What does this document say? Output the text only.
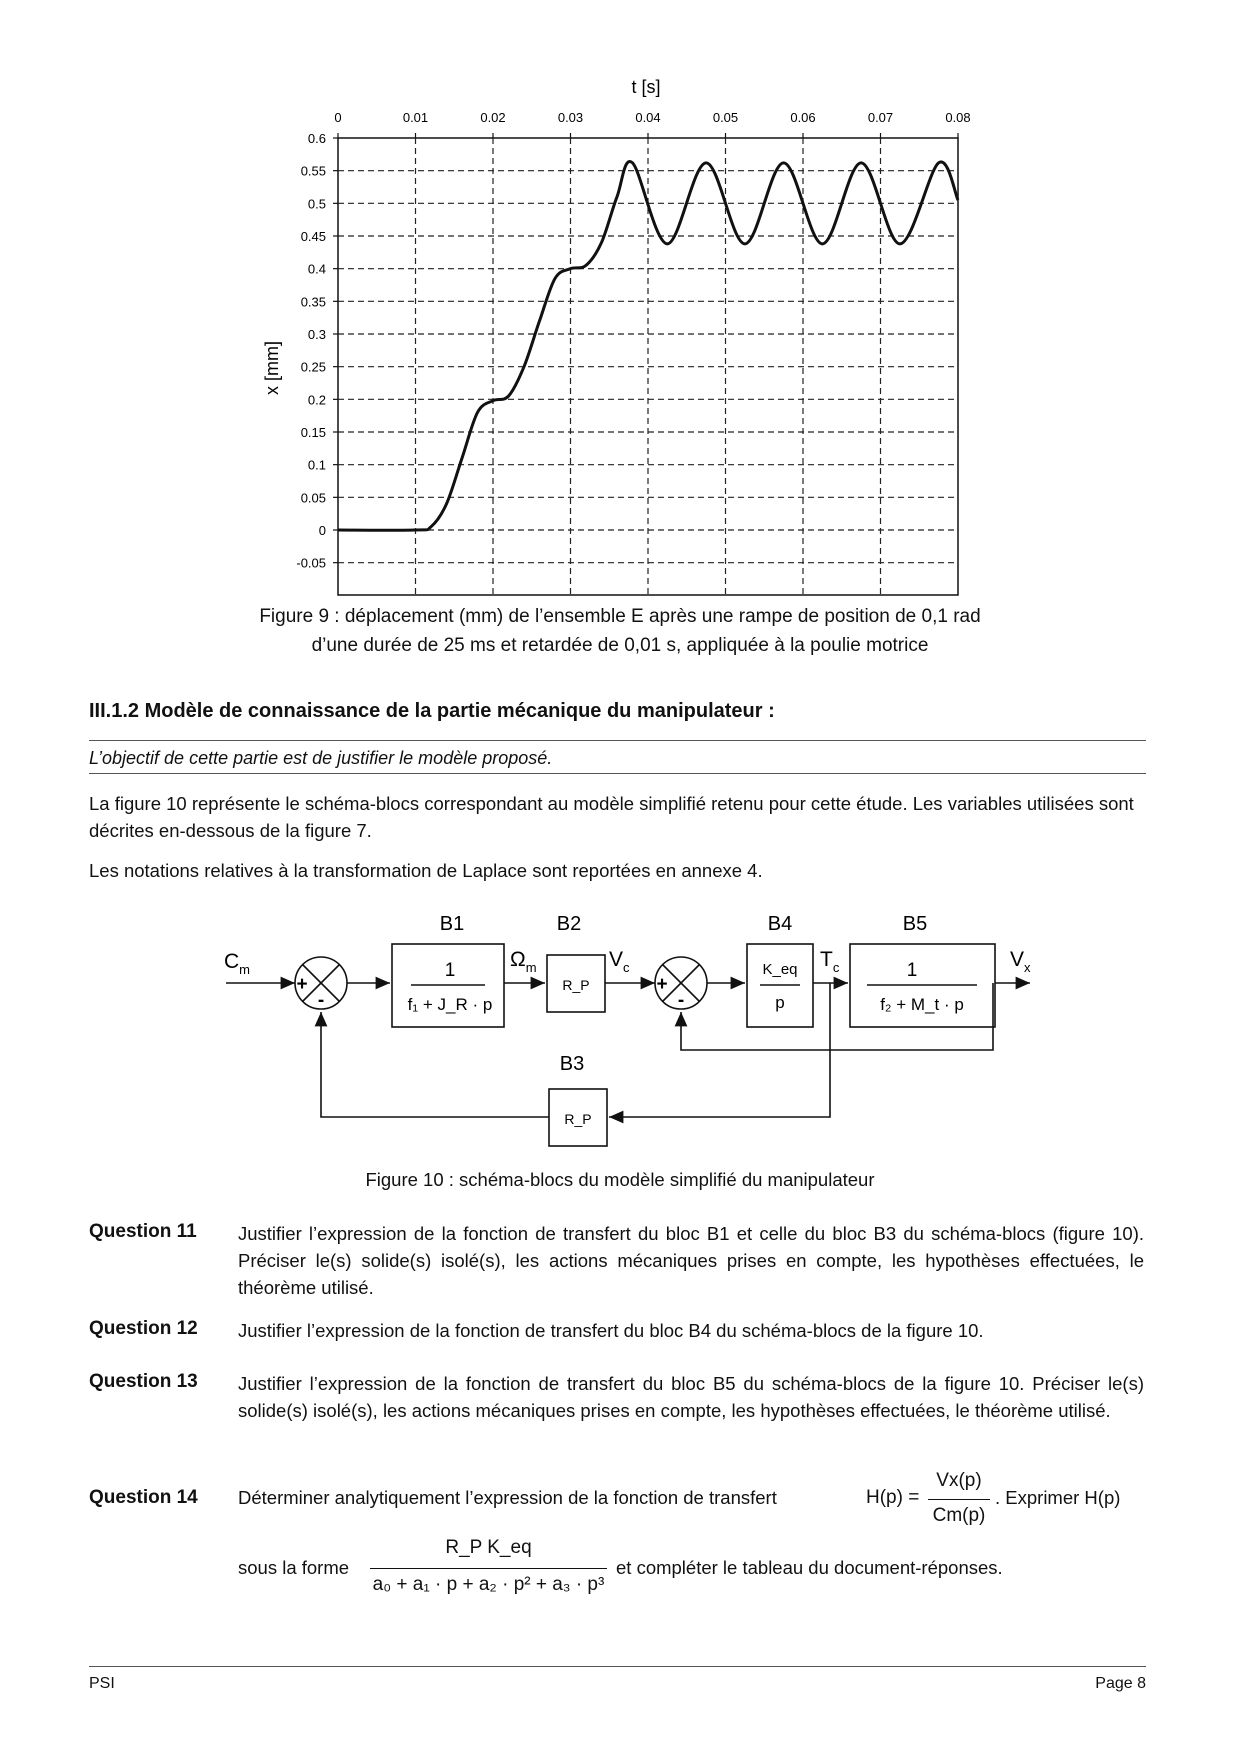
0	0.01	0.02	0.03	0.04	0.05	0.06	0.07	0.08
0.6
0.55
0.5
0.45
0.4
0.35
0.3
0.25
0.2
0.15
0.1
0.05
0
-0.05
t [s]
x [mm]
Figure 9 : déplacement (mm) de l’ensemble E après une rampe de position de 0,1 rad
d’une durée de 25 ms et retardée de 0,01 s, appliquée à la poulie motrice
III.1.2 Modèle de connaissance de la partie mécanique du manipulateur :
L’objectif de cette partie est de justifier le modèle proposé.
La figure 10 représente le schéma-blocs correspondant au modèle simplifié retenu pour cette étude. Les variables utilisées sont décrites en-dessous de la figure 7.
Les notations relatives à la transformation de Laplace sont reportées en annexe 4.
B1	B2	B4	B5
B3
1
f₁ + J_R · p
R_P
R_P
K_eq
p
1
f₂ + M_t · p
+
-
+
-
$C_m$	$\Omega_m$	$V_c$	$T_c$	$V_x$
Figure 10 : schéma-blocs du modèle simplifié du manipulateur
Question 11 Justifier l’expression de la fonction de transfert du bloc B1 et celle du bloc B3 du schéma-blocs (figure 10). Préciser le(s) solide(s) isolé(s), les actions mécaniques prises en compte, les hypothèses effectuées, le théorème utilisé.
Question 12 Justifier l’expression de la fonction de transfert du bloc B4 du schéma-blocs de la figure 10.
Question 13 Justifier l’expression de la fonction de transfert du bloc B5 du schéma-blocs de la figure 10. Préciser le(s) solide(s) isolé(s), les actions mécaniques prises en compte, les hypothèses effectuées, le théorème utilisé.
Question 14 Déterminer analytiquement l’expression de la fonction de transfert	H(p) =
Vx(p)
Cm(p)
. Exprimer H(p)
sous la forme
R_P K_eq
a₀ + a₁ · p + a₂ · p² + a₃ · p³
et compléter le tableau du document-réponses.
PSI	Page 8
